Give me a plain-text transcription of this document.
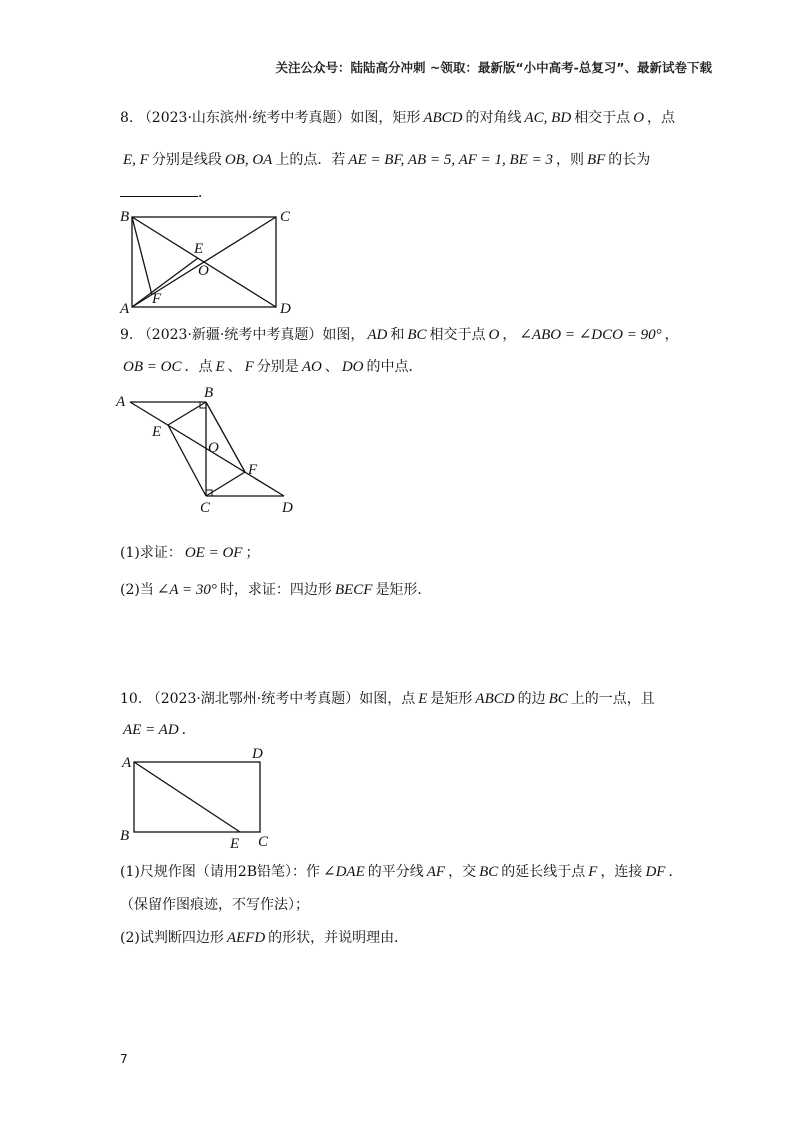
关注公众号：陆陆高分冲刺 ~领取：最新版“小中高考-总复习”、最新试卷下载
8. （2023·山东滨州·统考中考真题）如图，矩形 ABCD 的对角线 AC, BD 相交于点 O ，点
E, F 分别是线段 OB, OA 上的点．若 AE = BF, AB = 5, AF = 1, BE = 3 ，则 BF 的长为
．
B	C
E
O
A
F
D
9. （2023·新疆·统考中考真题）如图， AD 和 BC 相交于点 O ， ∠ABO = ∠DCO = 90° ，
OB = OC ．点 E 、 F 分别是 AO 、 DO 的中点．
A
B
E
O
F
C	D
(1)求证： OE = OF ；
(2)当 ∠A = 30° 时，求证：四边形 BECF 是矩形．
10. （2023·湖北鄂州·统考中考真题）如图，点 E 是矩形 ABCD 的边 BC 上的一点，且
AE = AD ．
A
D
B	E C
(1)尺规作图（请用2B铅笔）：作 ∠DAE 的平分线 AF ，交 BC 的延长线于点 F ，连接 DF ．
（保留作图痕迹，不写作法）；
(2)试判断四边形 AEFD 的形状，并说明理由．
7
